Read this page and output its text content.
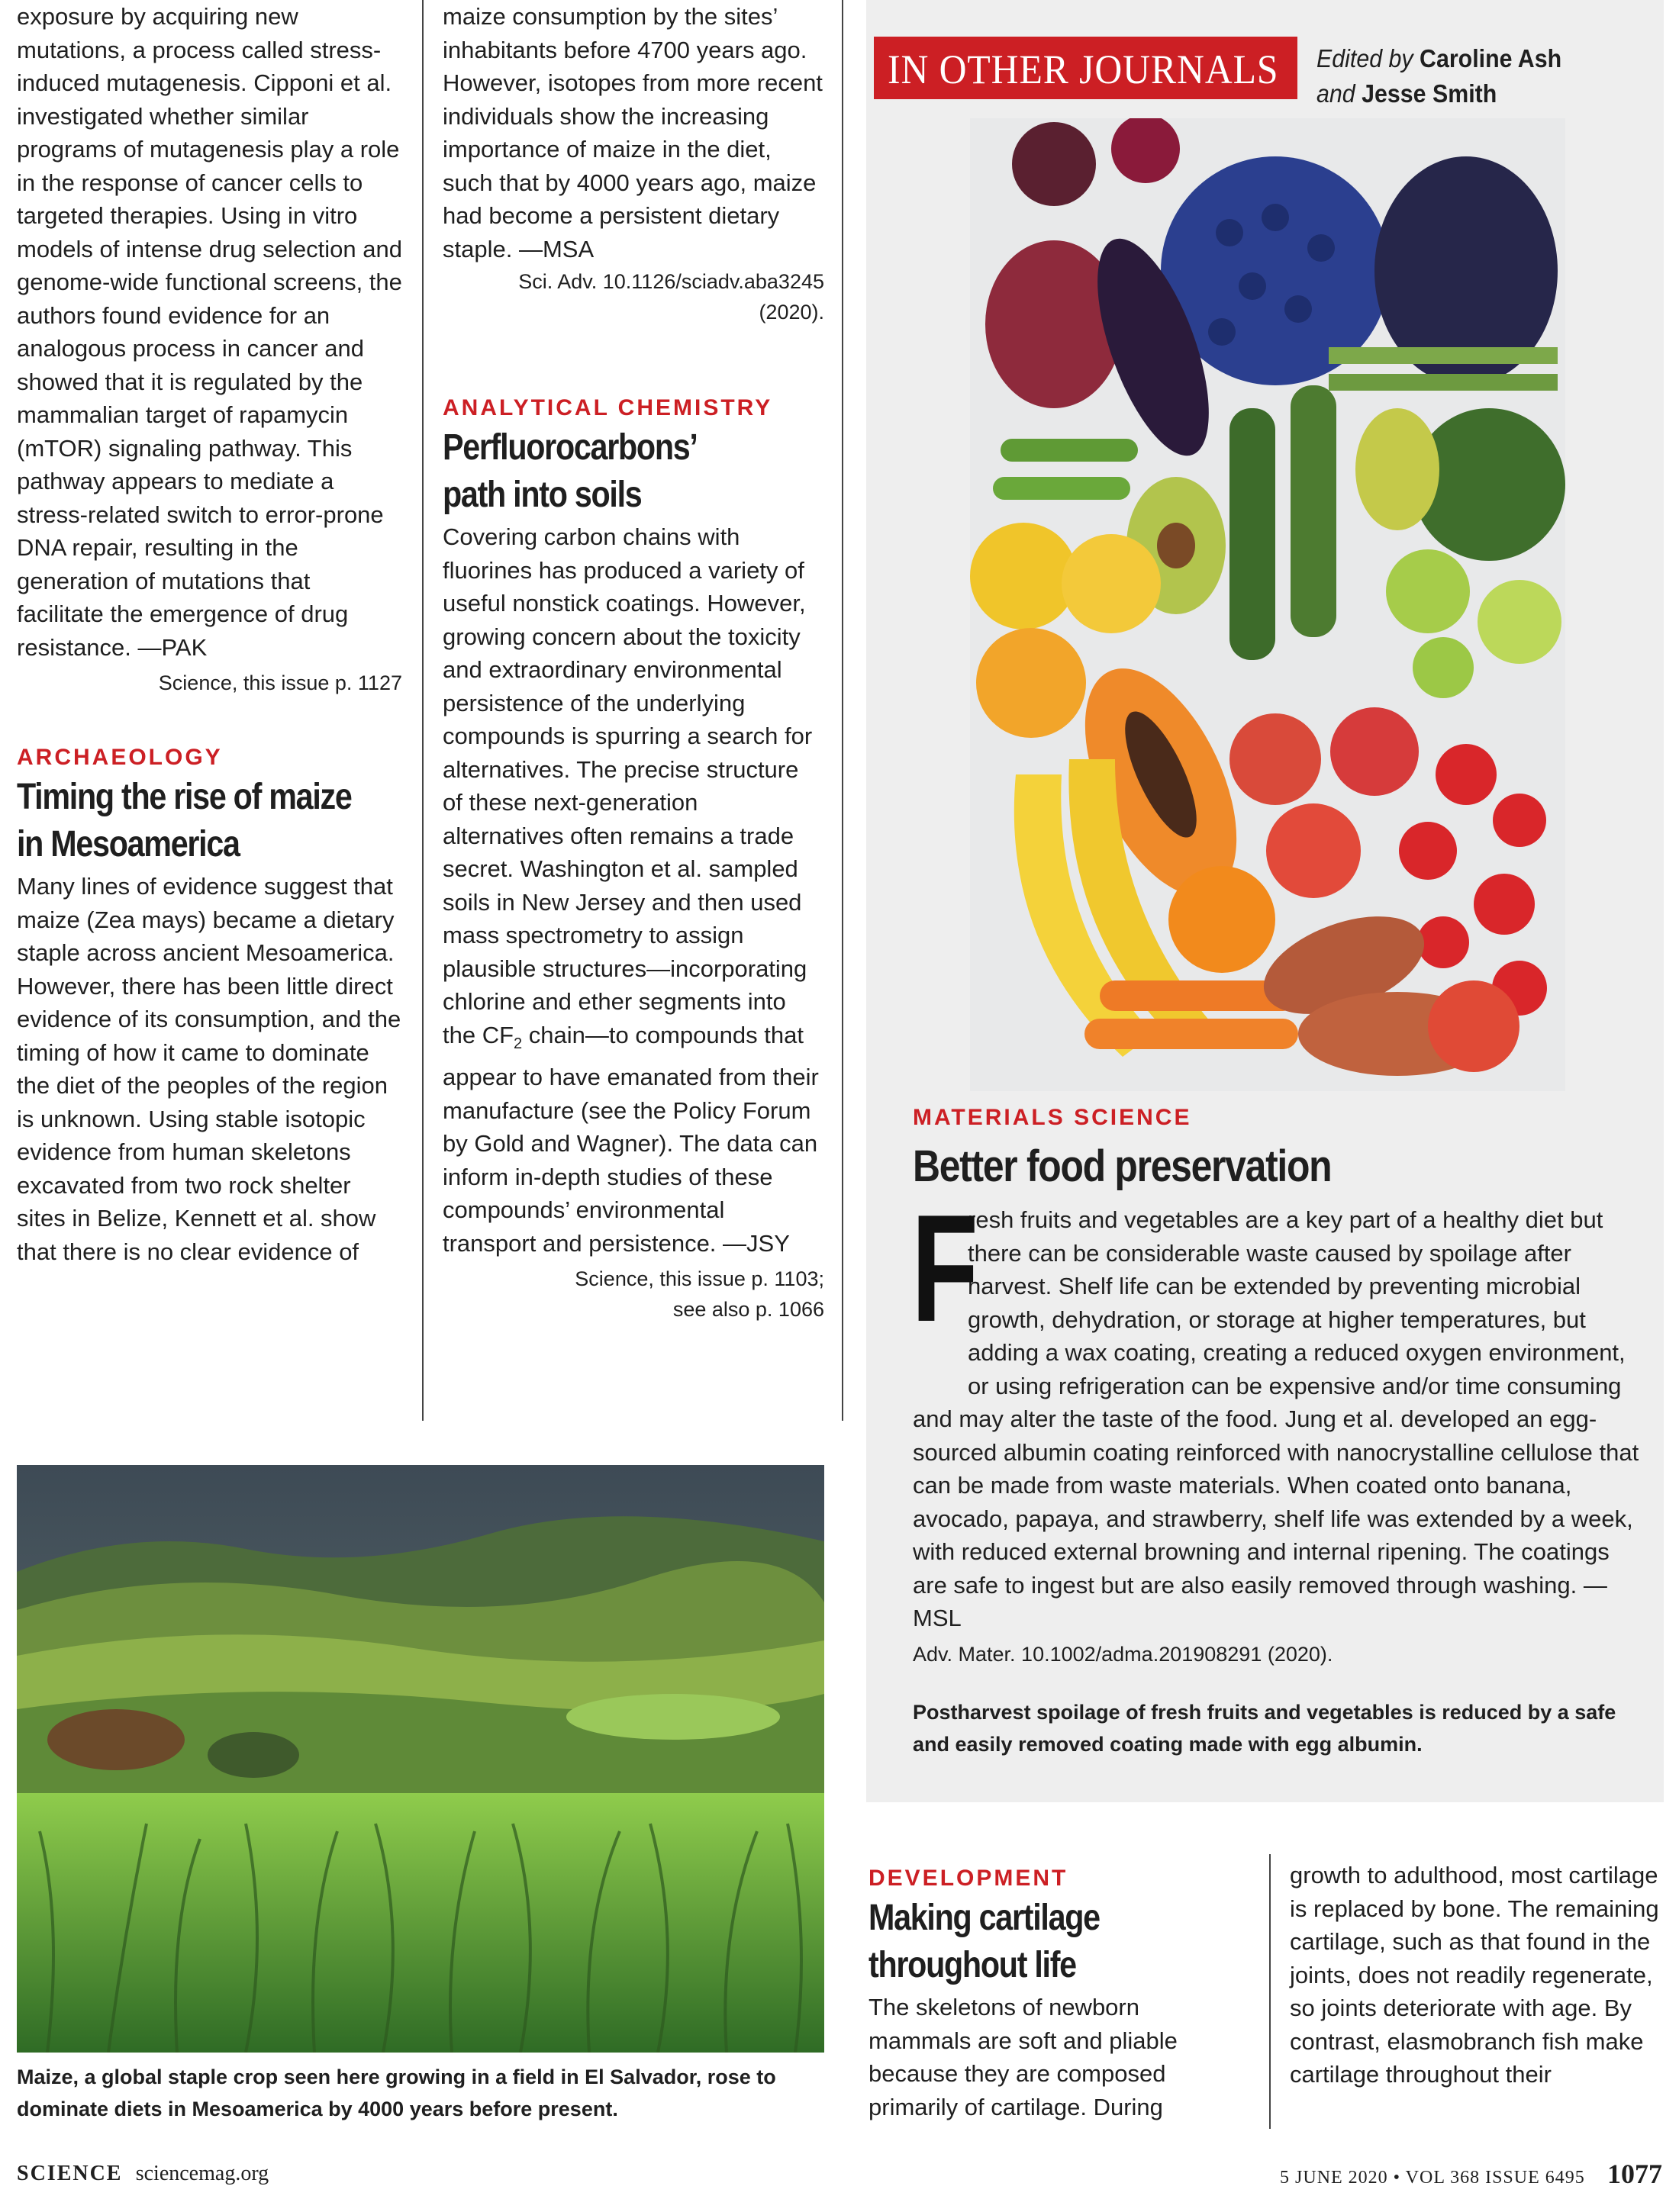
exposure by acquiring new mutations, a process called stress-induced mutagenesis. Cipponi et al. investigated whether similar programs of mutagenesis play a role in the response of cancer cells to targeted therapies. Using in vitro models of intense drug selection and genome-wide functional screens, the authors found evidence for an analogous process in cancer and showed that it is regulated by the mammalian target of rapamycin (mTOR) signaling pathway. This pathway appears to mediate a stress-related switch to error-prone DNA repair, resulting in the generation of mutations that facilitate the emergence of drug resistance. —PAK

Science, this issue p. 1127

ARCHAEOLOGY

Timing the rise of maize

in Mesoamerica

Many lines of evidence suggest that maize (Zea mays) became a dietary staple across ancient Mesoamerica. However, there has been little direct evidence of its consumption, and the timing of how it came to dominate the diet of the peoples of the region is unknown. Using stable isotopic evidence from human skeletons excavated from two rock shelter sites in Belize, Kennett et al. show that there is no clear evidence of

maize consumption by the sites’ inhabitants before 4700 years ago. However, isotopes from more recent individuals show the increasing importance of maize in the diet, such that by 4000 years ago, maize had become a persistent dietary staple. —MSA

Sci. Adv. 10.1126/sciadv.aba3245

(2020).

ANALYTICAL CHEMISTRY

Perfluorocarbons’

path into soils

Covering carbon chains with fluorines has produced a variety of useful nonstick coatings. However, growing concern about the toxicity and extraordinary environmental persistence of the underlying compounds is spurring a search for alternatives. The precise structure of these next-generation alternatives often remains a trade secret. Washington et al. sampled soils in New Jersey and then used mass spectrometry to assign plausible structures—incorporating chlorine and ether segments into the $CF_2$ chain—to compounds that appear to have emanated from their manufacture (see the Policy Forum by Gold and Wagner). The data can inform in-depth studies of these compounds’ environmental transport and persistence. —JSY

Science, this issue p. 1103;

see also p. 1066

Maize, a global staple crop seen here growing in a field in El Salvador, rose to dominate diets in Mesoamerica by 4000 years before present.

IN OTHER JOURNALS Edited by Caroline Ash
and Jesse Smith

MATERIALS SCIENCE

Better food preservation

F

resh fruits and vegetables are a key part of a healthy diet but there can be considerable waste caused by spoilage after harvest. Shelf life can be extended by preventing microbial growth, dehydration, or storage at higher temperatures, but adding a wax coating, creating a reduced oxygen environment, or using refrigeration can be expensive and/or time consuming and may alter the taste of the food. Jung et al. developed an egg-sourced albumin coating reinforced with nanocrystalline cellulose that can be made from waste materials. When coated onto banana, avocado, papaya, and strawberry, shelf life was extended by a week, with reduced external browning and internal ripening. The coatings are safe to ingest but are also easily removed through washing. —MSL

Adv. Mater. 10.1002/adma.201908291 (2020).

Postharvest spoilage of fresh fruits and vegetables is reduced by a safe and easily removed coating made with egg albumin.

DEVELOPMENT

Making cartilage

throughout life

The skeletons of newborn mammals are soft and pliable because they are composed primarily of cartilage. During

growth to adulthood, most cartilage is replaced by bone. The remaining cartilage, such as that found in the joints, does not readily regenerate, so joints deteriorate with age. By contrast, elasmobranch fish make cartilage throughout their

SCIENCE sciencemag.org	5 JUNE 2020 • VOL 368 ISSUE 6495 1077
